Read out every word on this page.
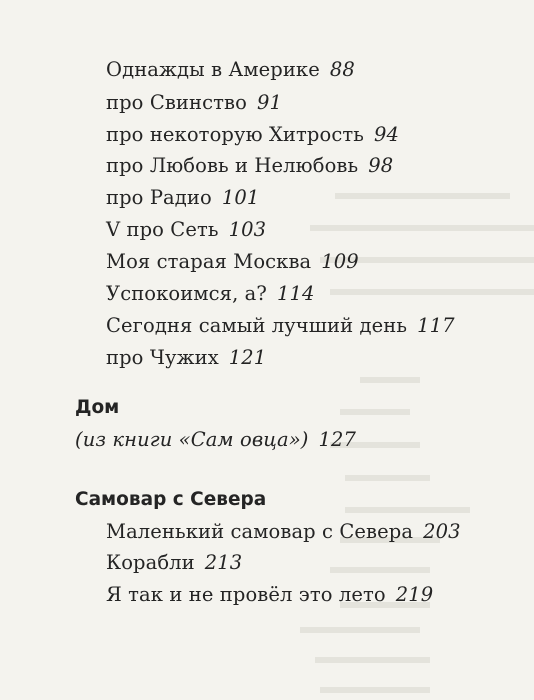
Однажды в Америке 88
про Свинство 91
про некоторую Хитрость 94
про Любовь и Нелюбовь 98
про Радио 101
V про Сеть 103
Моя старая Москва 109
Успокоимся, а? 114
Сегодня самый лучший день 117
про Чужих 121
Дом
(из книги «Сам овца») 127
Самовар с Севера
Маленький самовар с Севера 203
Корабли 213
Я так и не провёл это лето 219
